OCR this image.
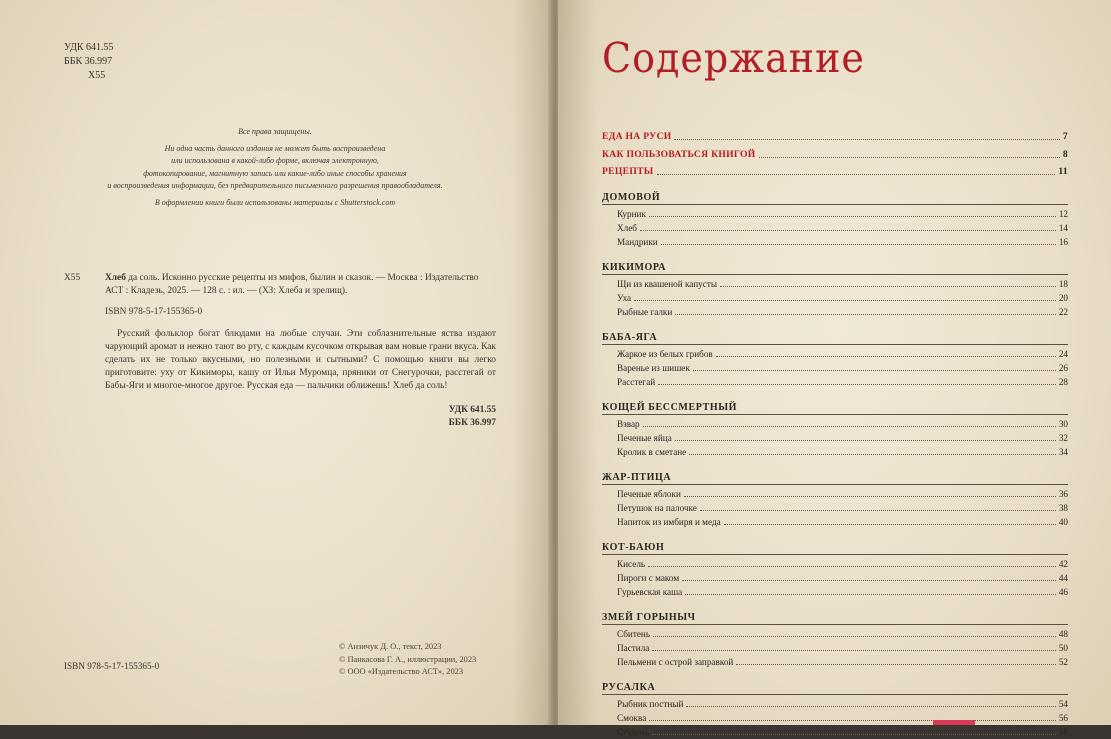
УДК 641.55
ББК 36.997
Х55

Все права защищены.

Ни одна часть данного издания не может быть воспроизведена

или использована в какой-либо форме, включая электронную,

фотокопирование, магнитную запись или какие-либо иные способы хранения

и воспроизведения информации, без предварительного письменного разрешения правообладателя.

В оформлении книги были использованы материалы с Shutterstock.com

Х55	Хлеб да соль. Исконно русские рецепты из мифов, былин и сказок. — Москва : Издательство АСТ : Кладезь, 2025. — 128 с. : ил. — (ХЗ: Хлеба и зрелищ).
ISBN 978-5-17-155365-0
Русский фольклор богат блюдами на любые случаи. Эти соблазнительные яства издают чарующий аромат и нежно тают во рту, с каждым кусочком открывая вам новые грани вкуса. Как сделать их не только вкусными, но полезными и сытными? С помощью книги вы легко приготовите: уху от Кикиморы, кашу от Ильи Муромца, пряники от Снегурочки, расстегай от Бабы-Яги и многое-многое другое. Русская еда — пальчики оближешь! Хлеб да соль!
УДК 641.55
ББК 36.997
© Анзичук Д. О., текст, 2023
© Панкасова Г. А., иллюстрации, 2023
© ООО «Издательство АСТ», 2023
ISBN 978-5-17-155365-0
Содержание
ЕДА НА РУСИ	7
КАК ПОЛЬЗОВАТЬСЯ КНИГОЙ	8
РЕЦЕПТЫ	11
ДОМОВОЙ
Курник	12
Хлеб	14
Мандрики	16
КИКИМОРА
Щи из квашеной капусты	18
Уха	20
Рыбные галки	22
БАБА-ЯГА
Жаркое из белых грибов	24
Варенье из шишек	26
Расстегай	28
КОЩЕЙ БЕССМЕРТНЫЙ
Взвар	30
Печеные яйца	32
Кролик в сметане	34
ЖАР-ПТИЦА
Печеные яблоки	36
Петушок на палочке	38
Напиток из имбиря и меда	40
КОТ-БАЮН
Кисель	42
Пироги с маком	44
Гурьевская каша	46
ЗМЕЙ ГОРЫНЫЧ
Сбитень	48
Пастила	50
Пельмени с острой заправкой	52
РУСАЛКА
Рыбник постный	54
Смоква	56
Студень	58
